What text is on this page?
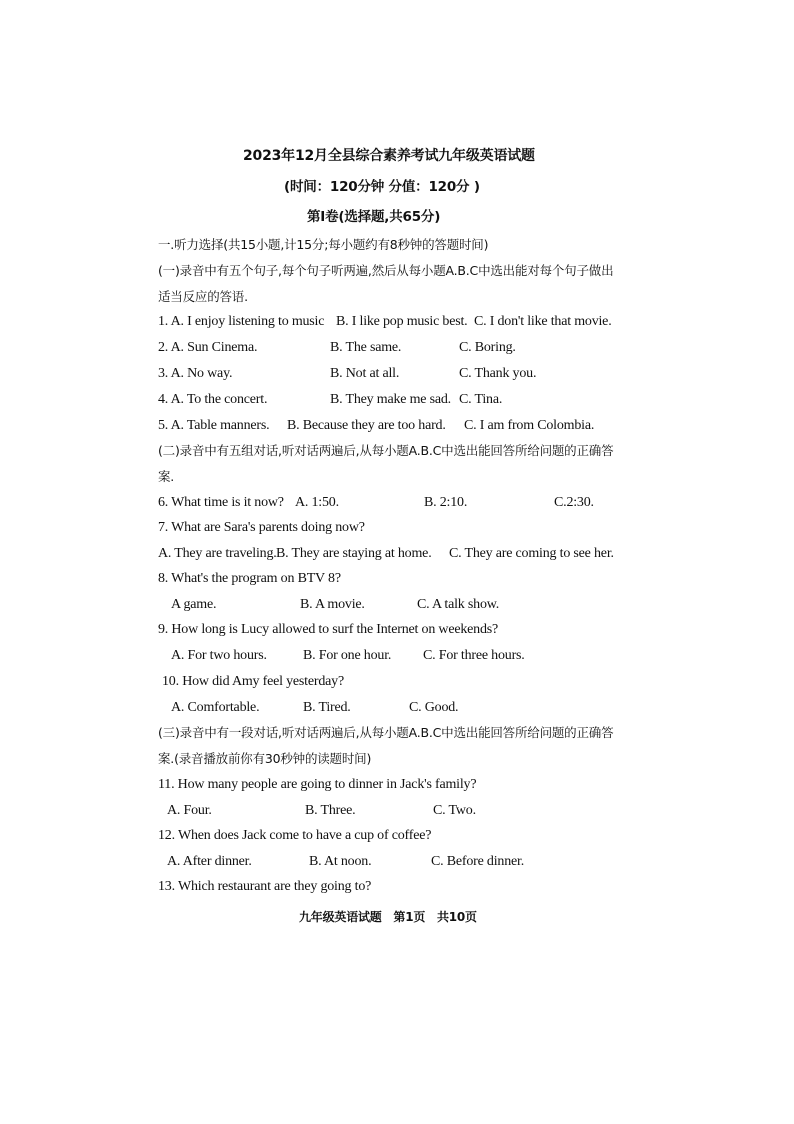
2023年12月全县综合素养考试九年级英语试题
(时间：120分钟 分值：120分 )
第Ⅰ卷(选择题,共65分)
一.听力选择(共15小题,计15分;每小题约有8秒钟的答题时间)
(一)录音中有五个句子,每个句子听两遍,然后从每小题A.B.C中选出能对每个句子做出
适当反应的答语.
1. A. I enjoy listening to music B. I like pop music best. C. I don't like that movie.
2. A. Sun Cinema.	B. The same.	C. Boring.
3. A. No way.	B. Not at all.	C. Thank you.
4. A. To the concert.	B. They make me sad. C. Tina.
5. A. Table manners. B. Because they are too hard. C. I am from Colombia.
(二)录音中有五组对话,听对话两遍后,从每小题A.B.C中选出能回答所给问题的正确答
案.
6. What time is it now? A. 1:50.	B. 2:10.	C.2:30.
7. What are Sara's parents doing now?
A. They are traveling. B. They are staying at home. C. They are coming to see her.
8. What's the program on BTV 8?
A game.	B. A movie.	C. A talk show.
9. How long is Lucy allowed to surf the Internet on weekends?
A. For two hours.	B. For one hour. C. For three hours.
10. How did Amy feel yesterday?
A. Comfortable.	B. Tired.	C. Good.
(三)录音中有一段对话,听对话两遍后,从每小题A.B.C中选出能回答所给问题的正确答
案.(录音播放前你有30秒钟的读题时间)
11. How many people are going to dinner in Jack's family?
A. Four.	B. Three.	C. Two.
12. When does Jack come to have a cup of coffee?
A. After dinner.	B. At noon.	C. Before dinner.
13. Which restaurant are they going to?
九年级英语试题　第1页　共10页
